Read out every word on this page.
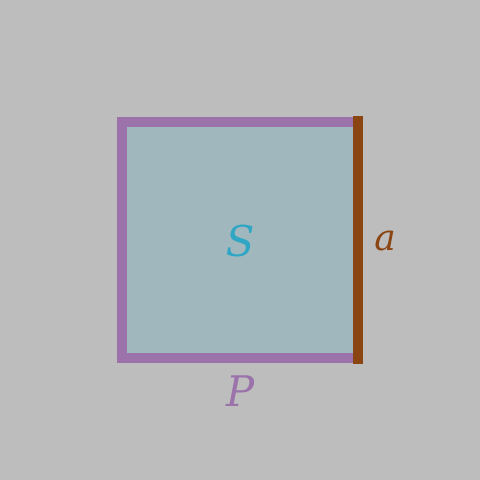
S	a
P
